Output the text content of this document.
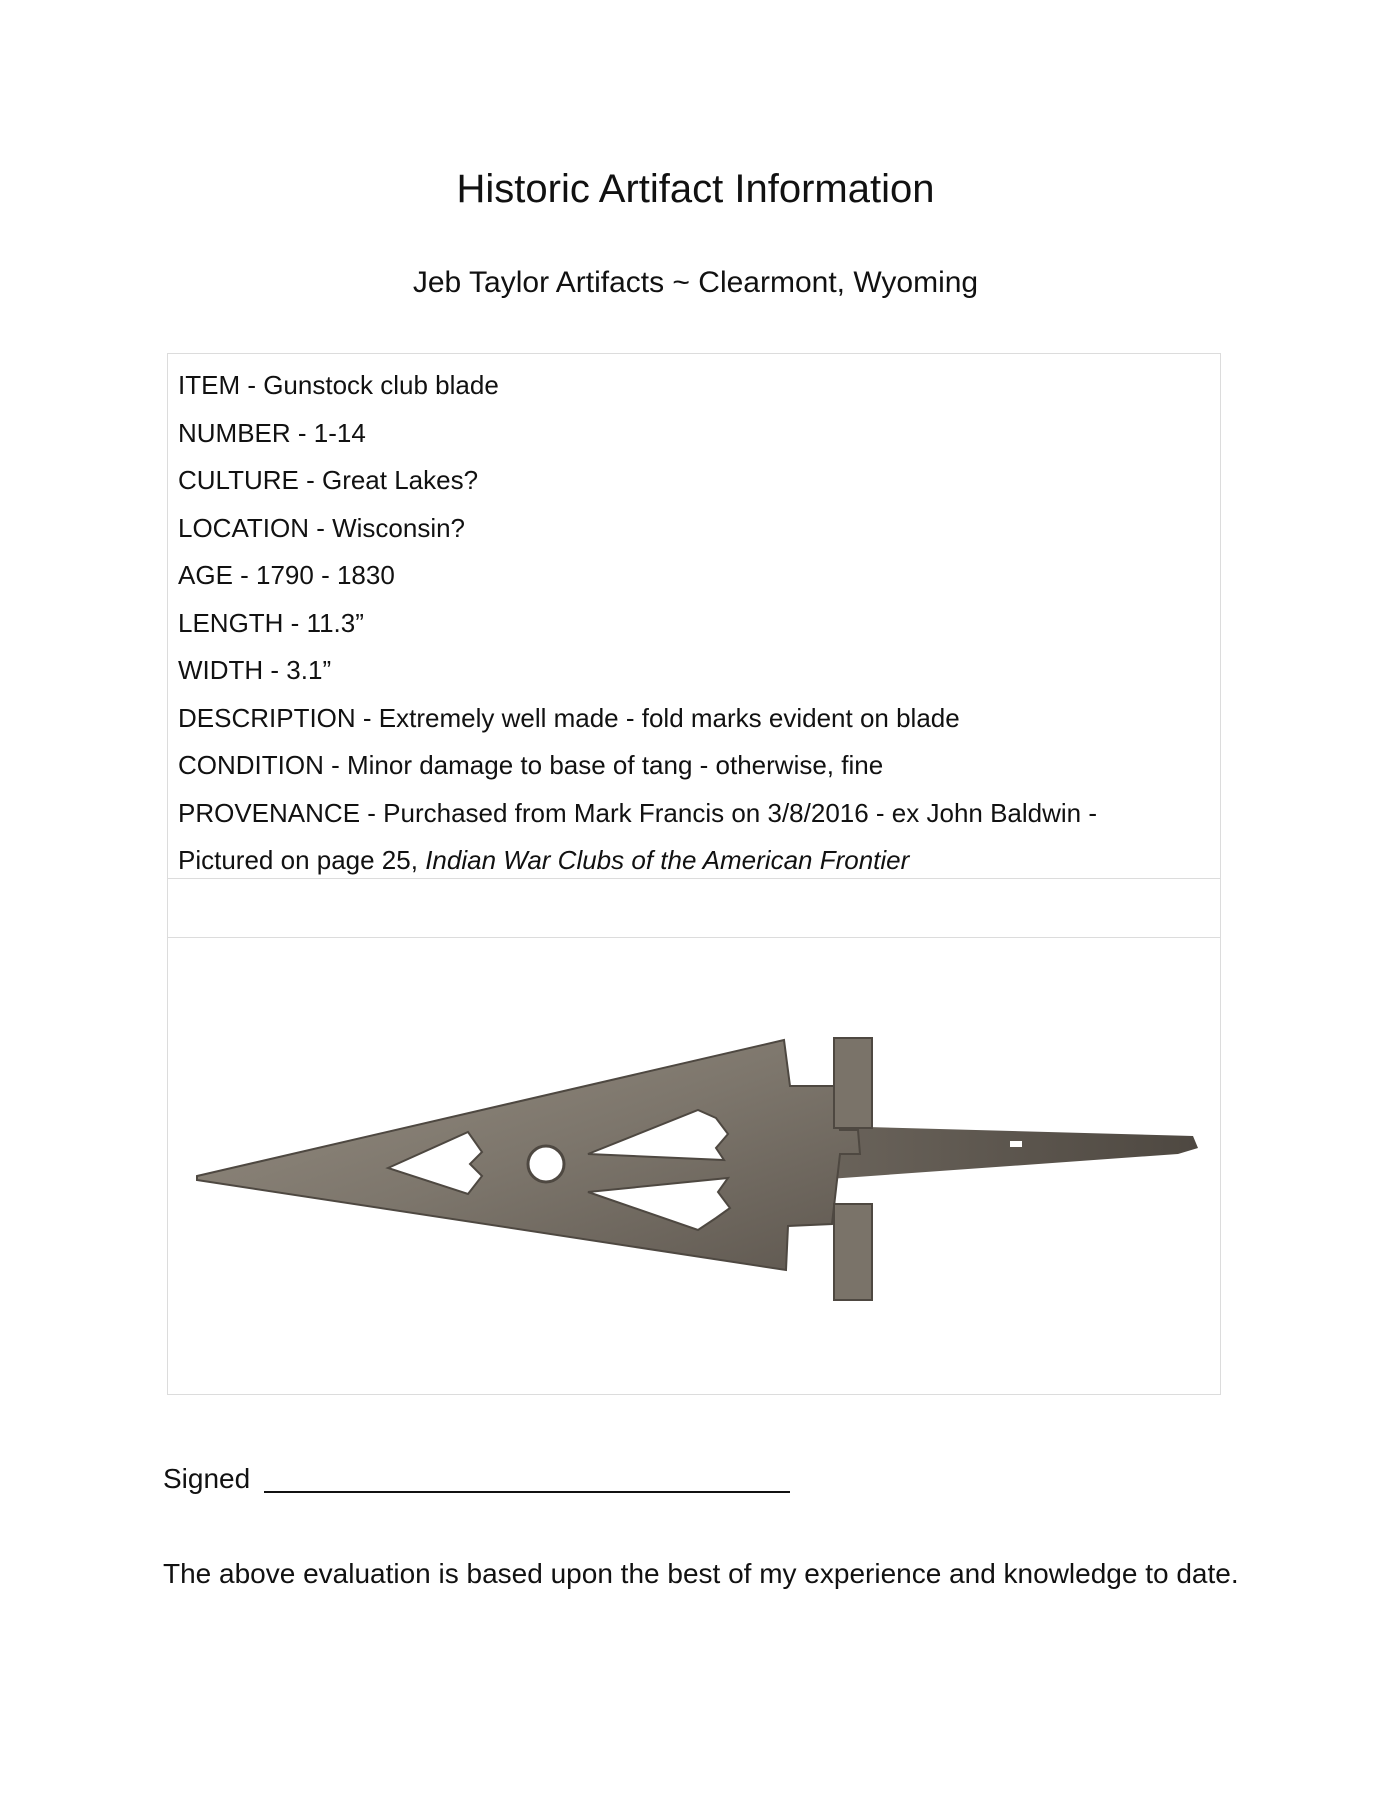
Historic Artifact Information
Jeb Taylor Artifacts ~ Clearmont, Wyoming
ITEM - Gunstock club blade
NUMBER - 1-14
CULTURE - Great Lakes?
LOCATION - Wisconsin?
AGE - 1790 - 1830
LENGTH - 11.3”
WIDTH - 3.1”
DESCRIPTION - Extremely well made - fold marks evident on blade
CONDITION - Minor damage to base of tang - otherwise, fine
PROVENANCE - Purchased from Mark Francis on 3/8/2016 - ex John Baldwin -
Pictured on page 25, Indian War Clubs of the American Frontier
Signed
The above evaluation is based upon the best of my experience and knowledge to date.
